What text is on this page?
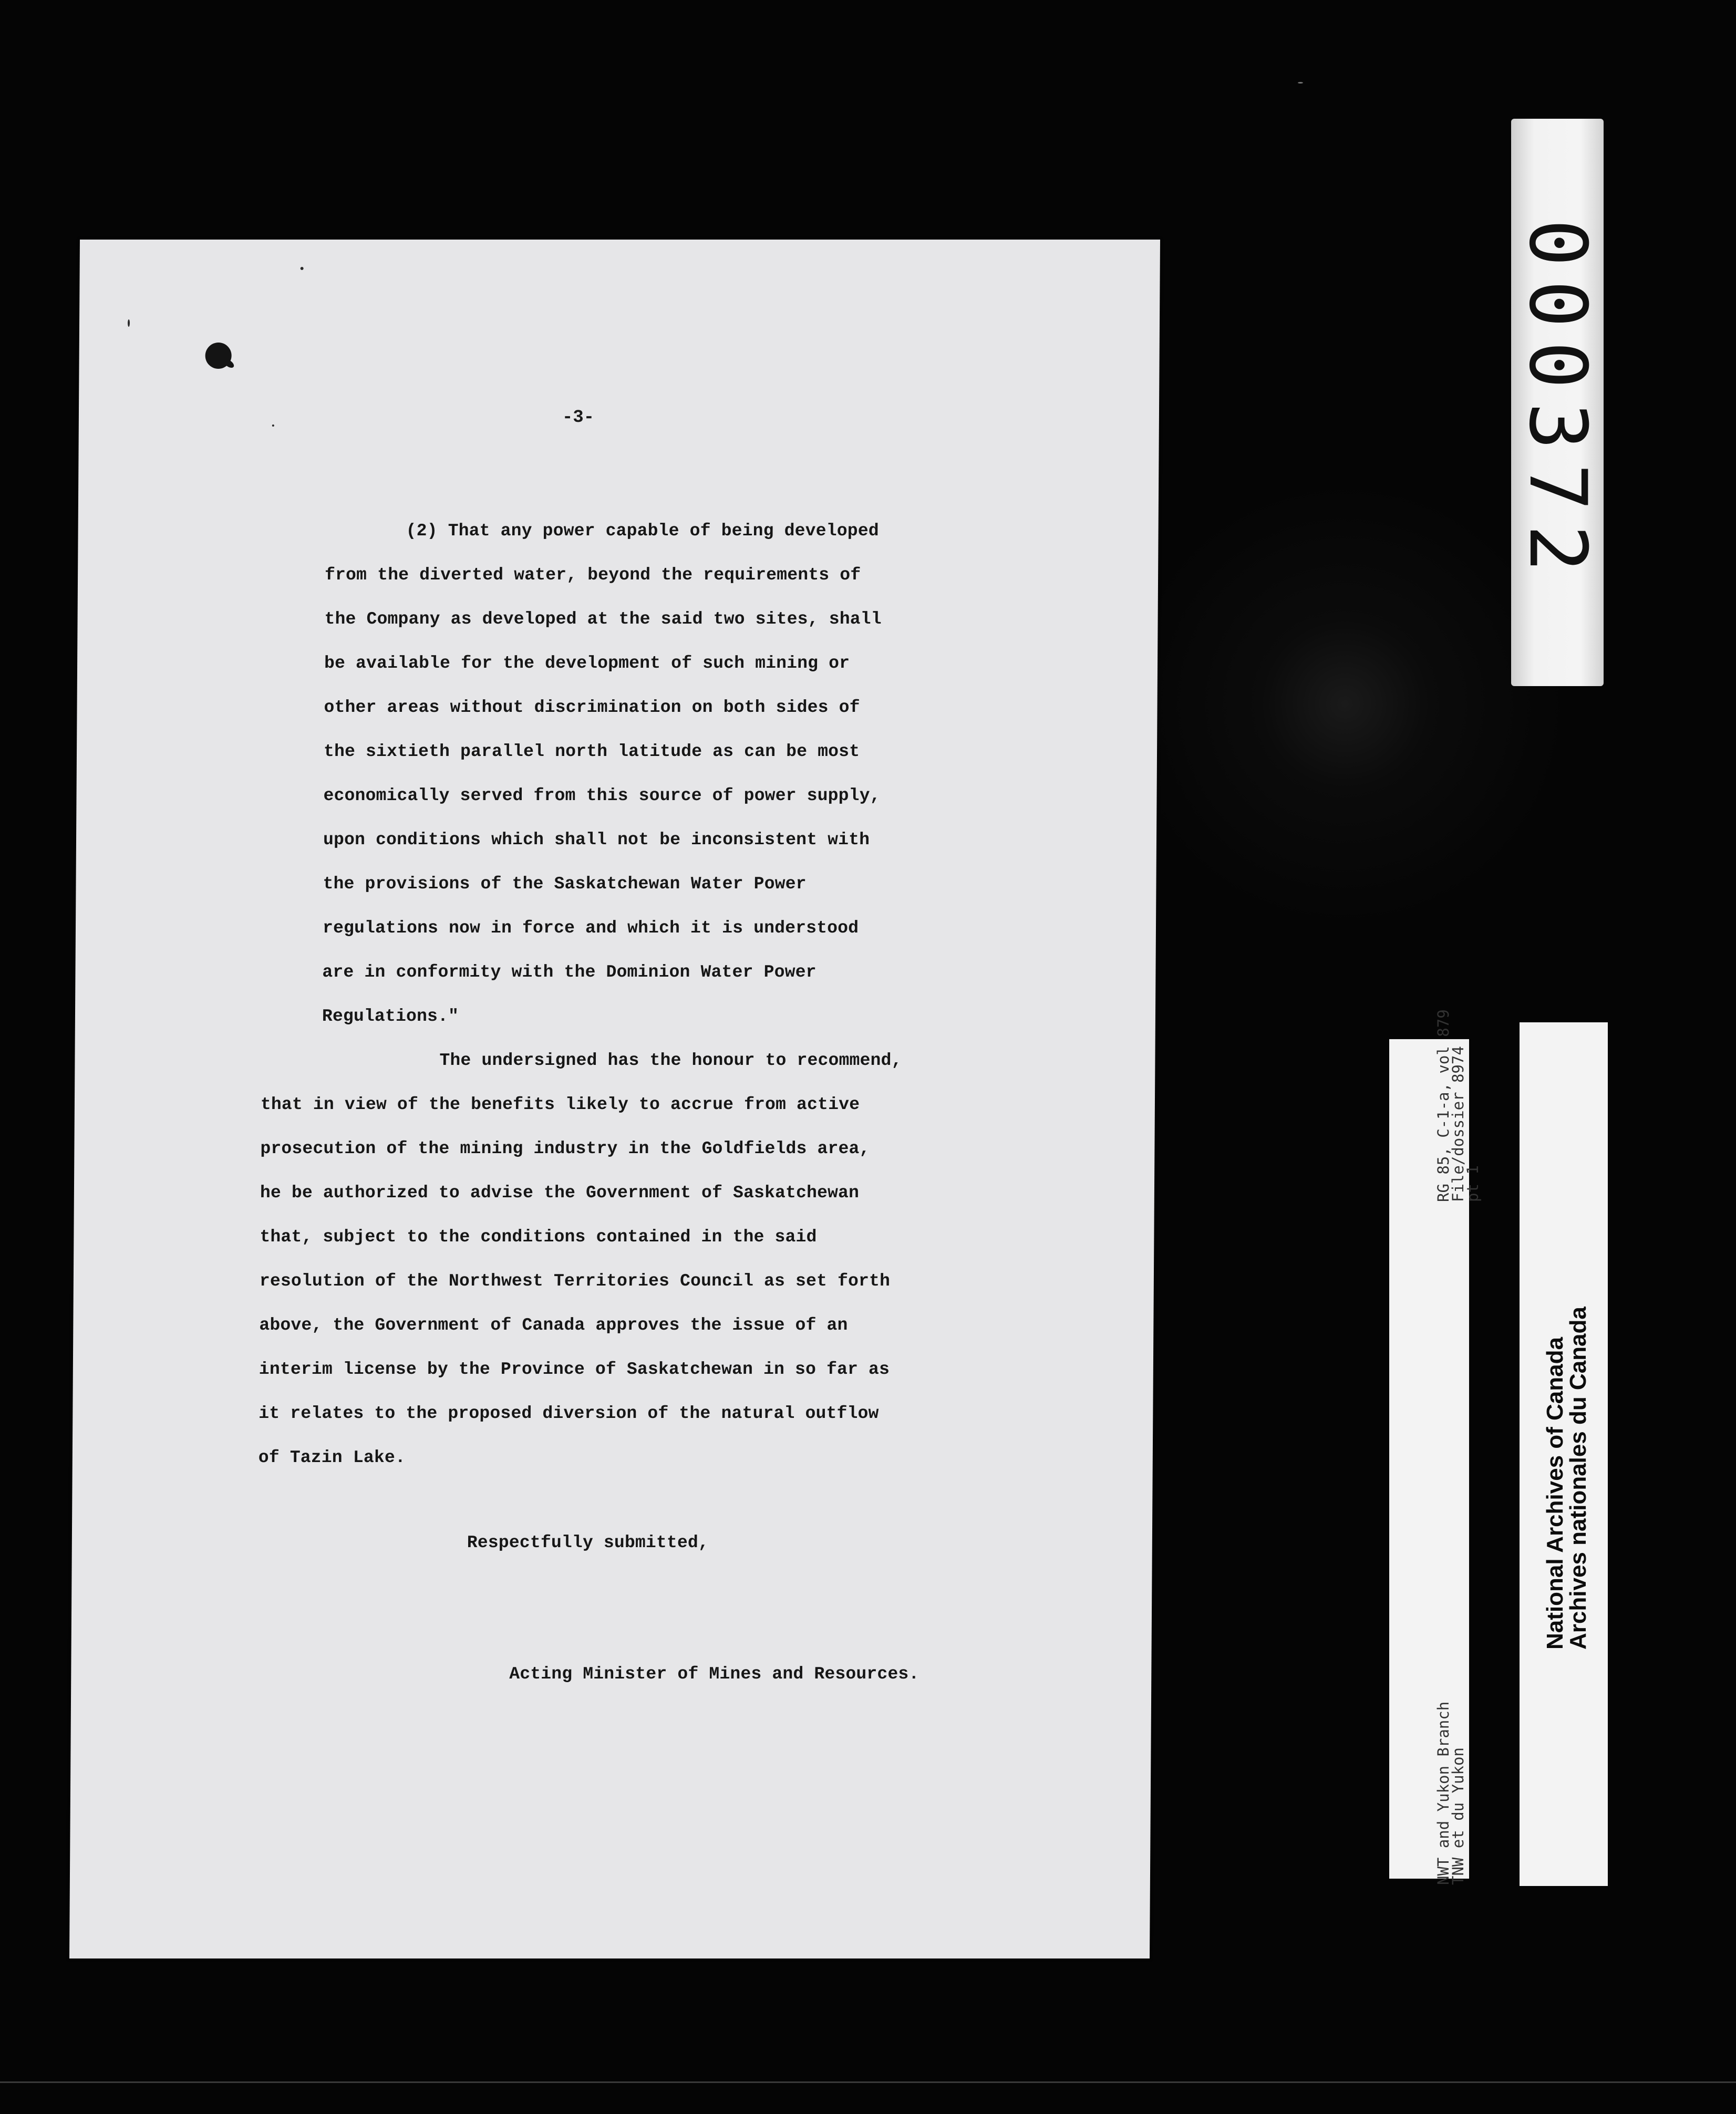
-3-

(2) That any power capable of being developed

from the diverted water, beyond the requirements of

the Company as developed at the said two sites, shall

be available for the development of such mining or

other areas without discrimination on both sides of

the sixtieth parallel north latitude as can be most

economically served from this source of power supply,

upon conditions which shall not be inconsistent with

the provisions of the Saskatchewan Water Power

regulations now in force and which it is understood

are in conformity with the Dominion Water Power

Regulations."

The undersigned has the honour to recommend,

that in view of the benefits likely to accrue from active

prosecution of the mining industry in the Goldfields area,

he be authorized to advise the Government of Saskatchewan

that, subject to the conditions contained in the said

resolution of the Northwest Territories Council as set forth

above, the Government of Canada approves the issue of an

interim license by the Province of Saskatchewan in so far as

it relates to the proposed diversion of the natural outflow

of Tazin Lake.

Respectfully submitted,

Acting Minister of Mines and Resources.

000372
RG 85, C-1-a, vol 879
File/dossier 8974
pt 1
NWT and Yukon Branch
TNW et du Yukon
National Archives of Canada
Archives nationales du Canada
